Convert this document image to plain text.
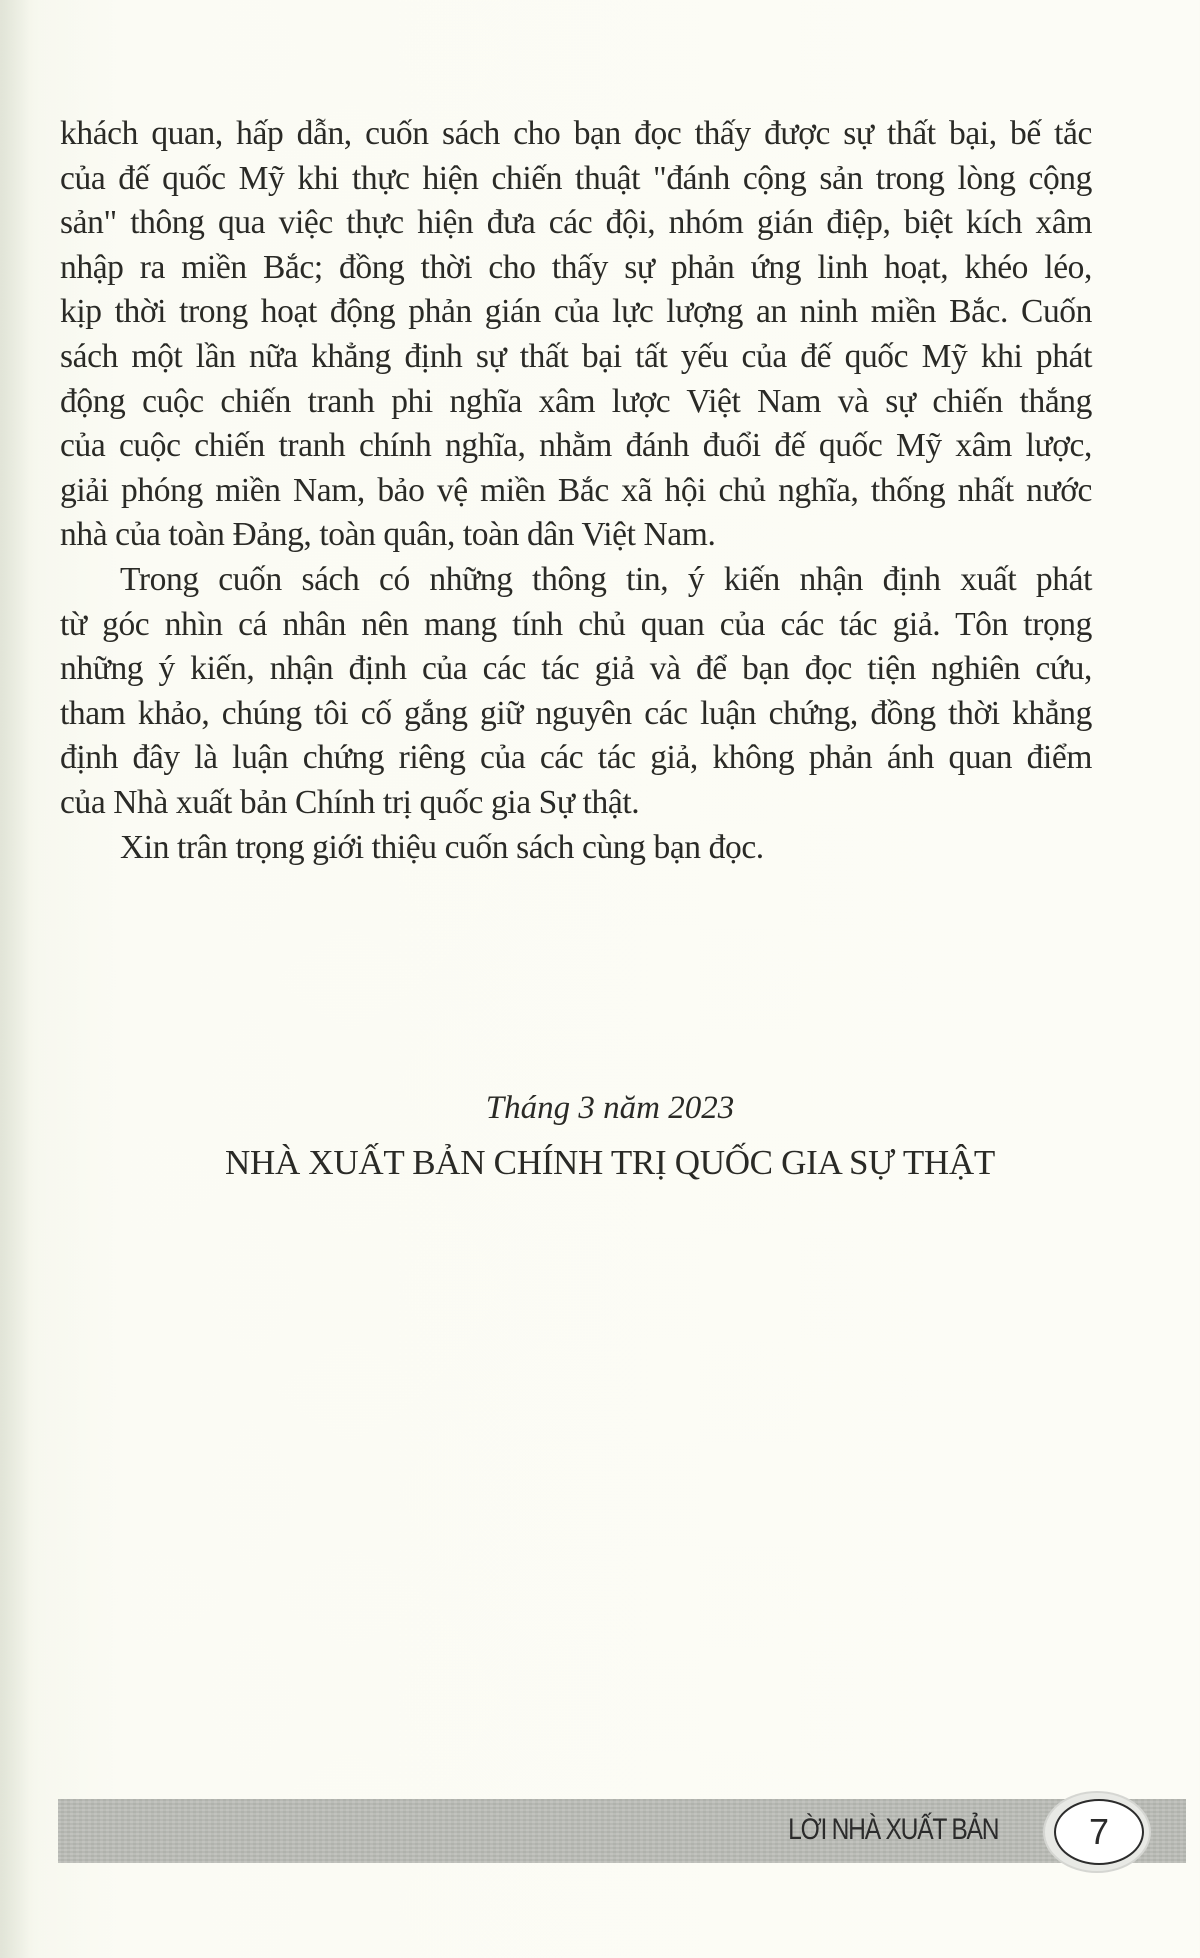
khách quan, hấp dẫn, cuốn sách cho bạn đọc thấy được sự thất bại, bế tắc
của đế quốc Mỹ khi thực hiện chiến thuật "đánh cộng sản trong lòng cộng
sản" thông qua việc thực hiện đưa các đội, nhóm gián điệp, biệt kích xâm
nhập ra miền Bắc; đồng thời cho thấy sự phản ứng linh hoạt, khéo léo,
kịp thời trong hoạt động phản gián của lực lượng an ninh miền Bắc. Cuốn
sách một lần nữa khẳng định sự thất bại tất yếu của đế quốc Mỹ khi phát
động cuộc chiến tranh phi nghĩa xâm lược Việt Nam và sự chiến thắng
của cuộc chiến tranh chính nghĩa, nhằm đánh đuổi đế quốc Mỹ xâm lược,
giải phóng miền Nam, bảo vệ miền Bắc xã hội chủ nghĩa, thống nhất nước
nhà của toàn Đảng, toàn quân, toàn dân Việt Nam.
Trong cuốn sách có những thông tin, ý kiến nhận định xuất phát
từ góc nhìn cá nhân nên mang tính chủ quan của các tác giả. Tôn trọng
những ý kiến, nhận định của các tác giả và để bạn đọc tiện nghiên cứu,
tham khảo, chúng tôi cố gắng giữ nguyên các luận chứng, đồng thời khẳng
định đây là luận chứng riêng của các tác giả, không phản ánh quan điểm
của Nhà xuất bản Chính trị quốc gia Sự thật.
Xin trân trọng giới thiệu cuốn sách cùng bạn đọc.
Tháng 3 năm 2023
NHÀ XUẤT BẢN CHÍNH TRỊ QUỐC GIA SỰ THẬT
LỜI NHÀ XUẤT BẢN	7
